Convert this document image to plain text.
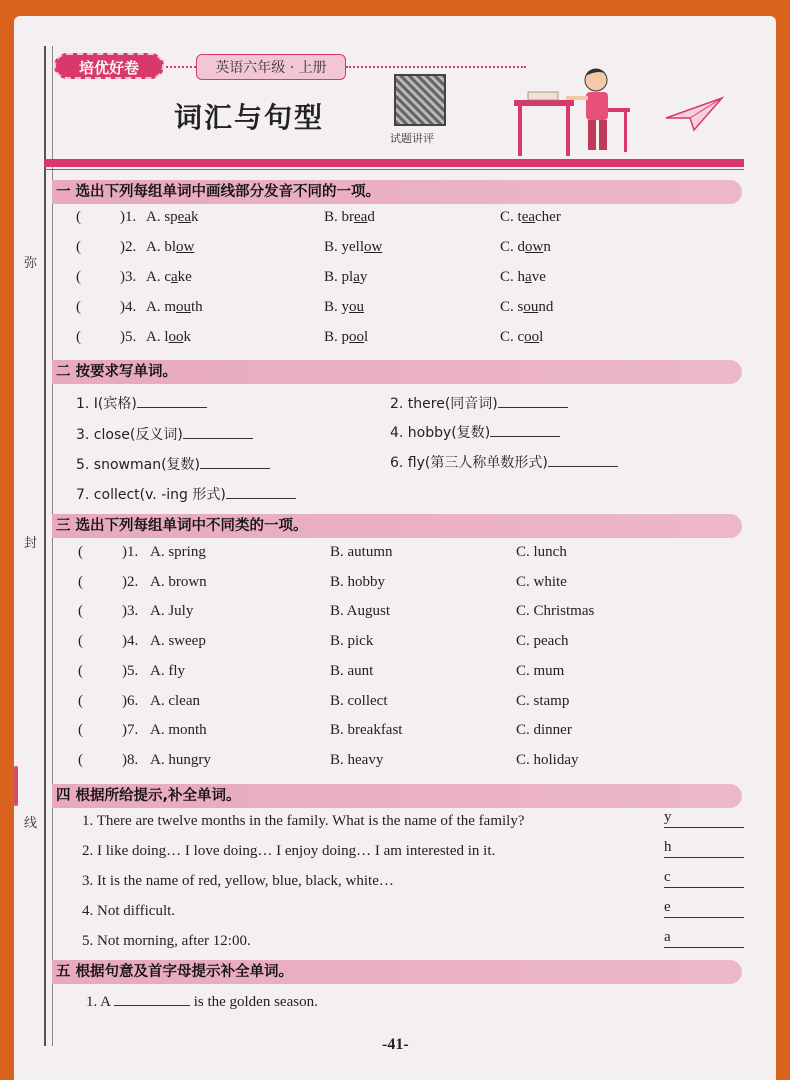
弥
封
线
培优好卷	英语六年级 · 上册
词汇与句型
试题讲评
一 选出下列每组单词中画线部分发音不同的一项。
(	)1. A. speak	B. bread	C. teacher
(	)2. A. blow	B. yellow	C. down
(	)3. A. cake	B. play	C. have
(	)4. A. mouth	B. you	C. sound
(	)5. A. look	B. pool	C. cool
二 按要求写单词。
1. I(宾格)	2. there(同音词)
3. close(反义词)	4. hobby(复数)
5. snowman(复数)	6. fly(第三人称单数形式)
7. collect(v. -ing 形式)
三 选出下列每组单词中不同类的一项。
(	)1. A. spring	B. autumn	C. lunch
(	)2. A. brown	B. hobby	C. white
(	)3. A. July	B. August	C. Christmas
(	)4. A. sweep	B. pick	C. peach
(	)5. A. fly	B. aunt	C. mum
(	)6. A. clean	B. collect	C. stamp
(	)7. A. month	B. breakfast	C. dinner
(	)8. A. hungry	B. heavy	C. holiday
四 根据所给提示,补全单词。
1. There are twelve months in the family. What is the name of the family?	y
2. I like doing… I love doing… I enjoy doing… I am interested in it.	h
3. It is the name of red, yellow, blue, black, white…	c
4. Not difficult.	e
5. Not morning, after 12:00.	a
五 根据句意及首字母提示补全单词。
1. A	is the golden season.
-41-
